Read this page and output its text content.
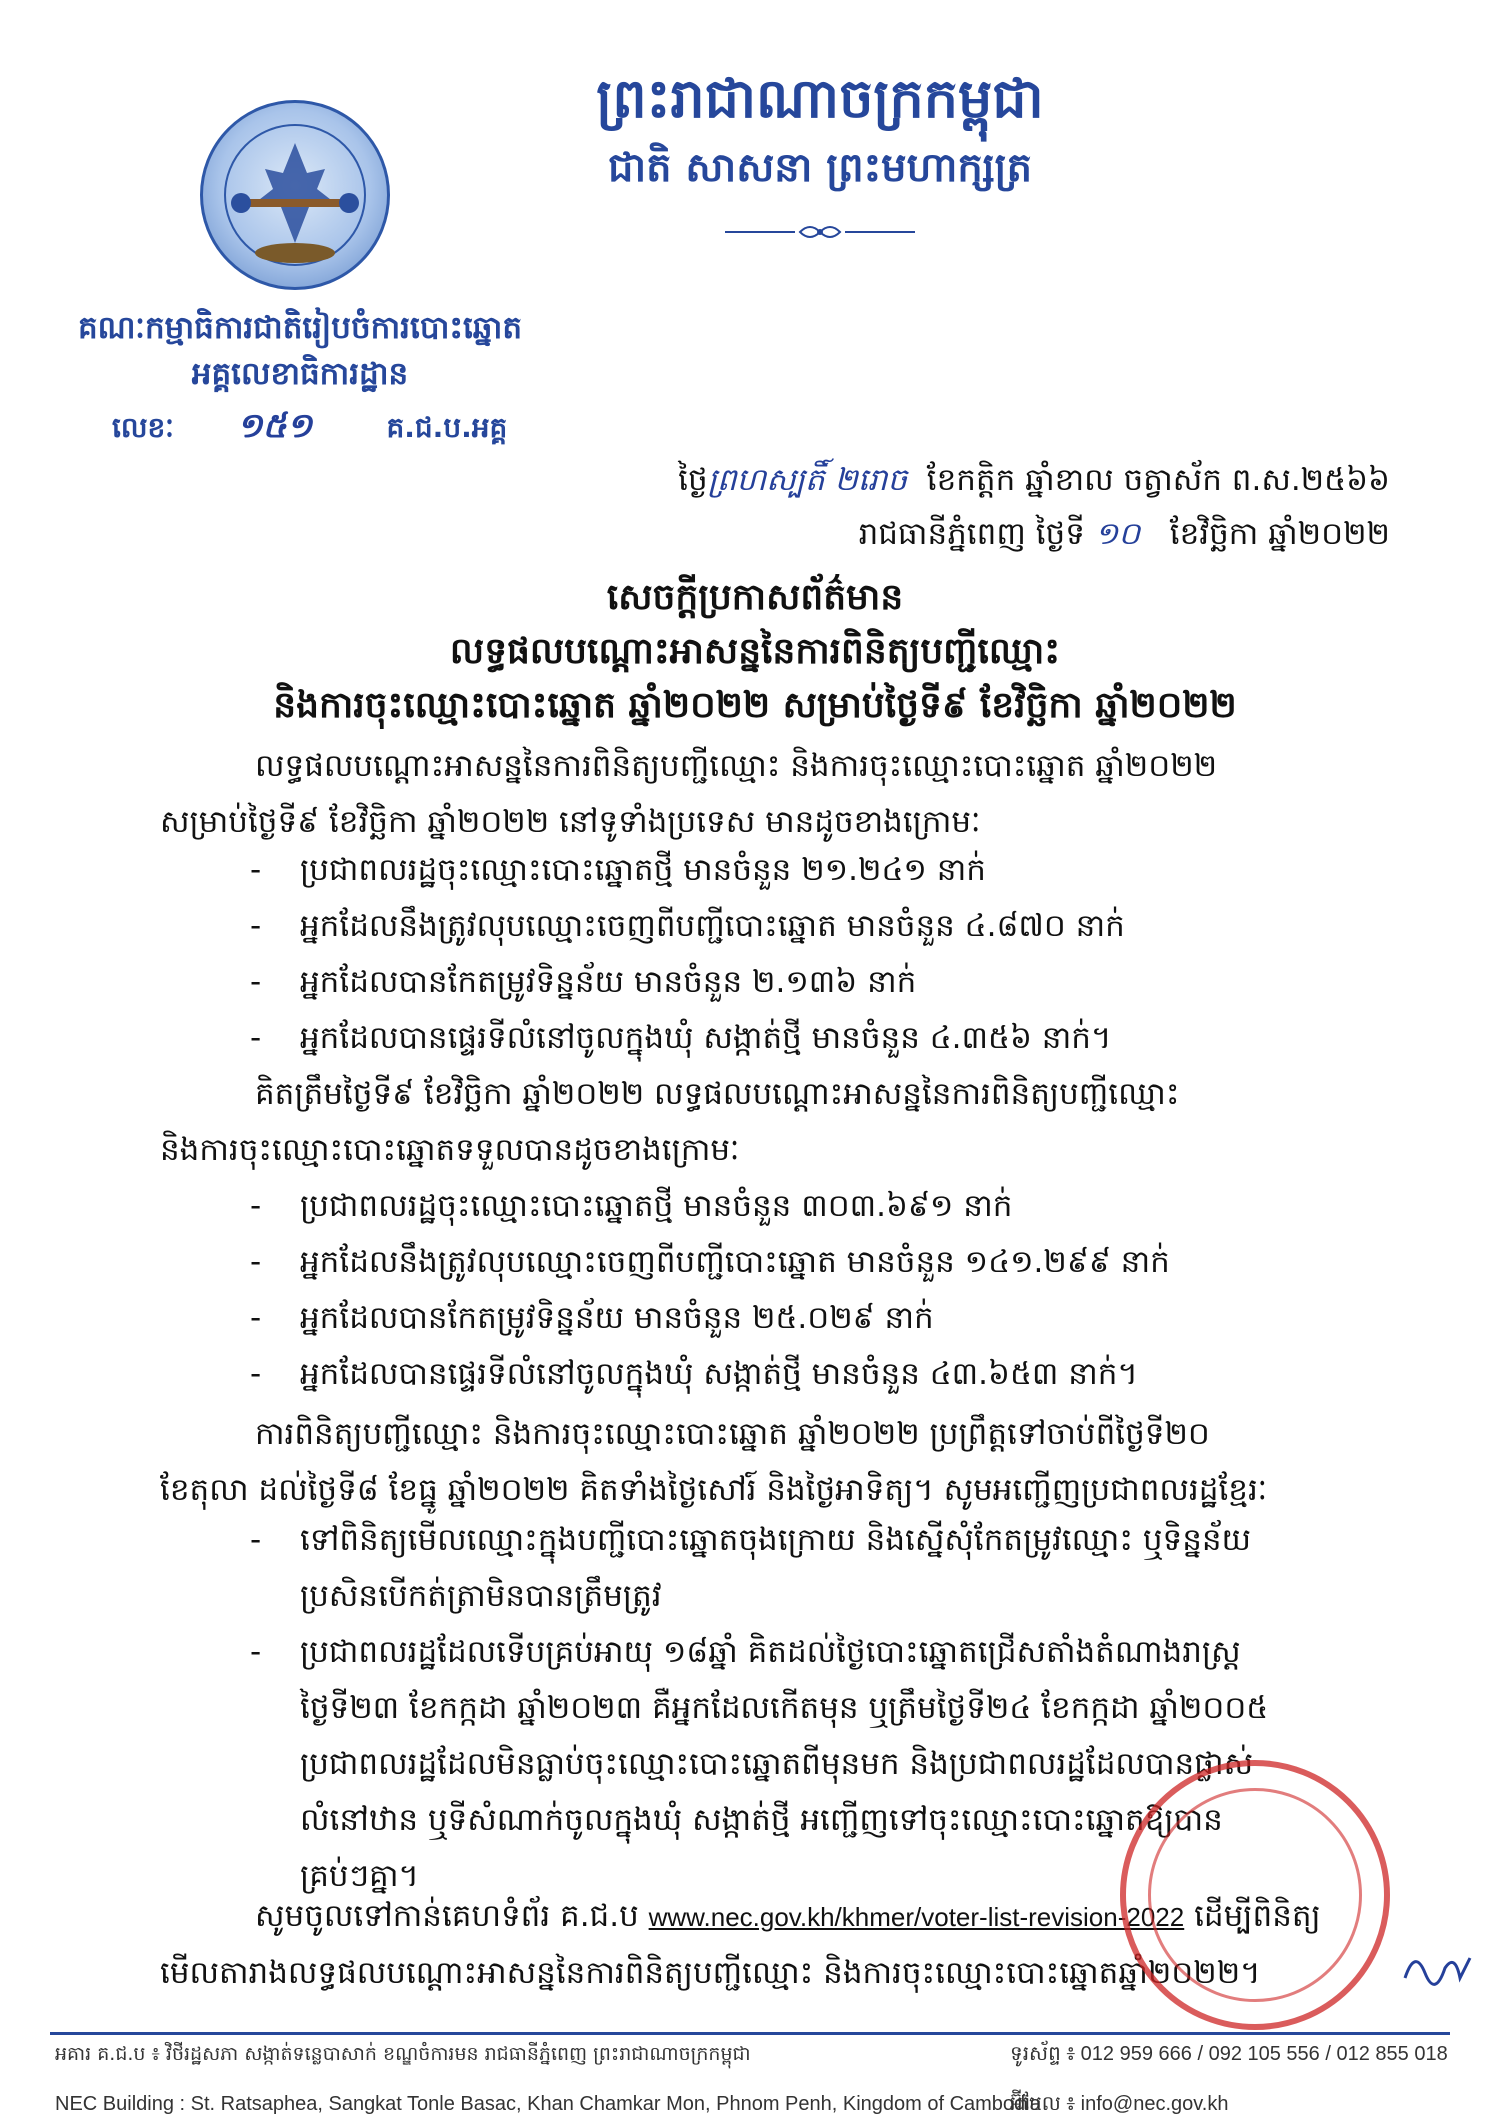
ព្រះរាជាណាចក្រកម្ពុជា
ជាតិ សាសនា ព្រះមហាក្សត្រ
គណៈកម្មាធិការជាតិរៀបចំការបោះឆ្នោត
អគ្គលេខាធិការដ្ឋាន
លេខៈ ១៥១	គ.ជ.ប.អគ្គ
ថ្ងៃព្រហស្បតិ៍ ២រោច ខែកត្ដិក ឆ្នាំខាល ចត្វាស័ក ព.ស.២៥៦៦
រាជធានីភ្នំពេញ ថ្ងៃទី ១០ ខែវិច្ឆិកា ឆ្នាំ២០២២
សេចក្តីប្រកាសព័ត៌មាន
លទ្ធផលបណ្តោះអាសន្ននៃការពិនិត្យបញ្ជីឈ្មោះ
និងការចុះឈ្មោះបោះឆ្នោត ឆ្នាំ២០២២ សម្រាប់ថ្ងៃទី៩ ខែវិច្ឆិកា ឆ្នាំ២០២២
លទ្ធផលបណ្តោះអាសន្ននៃការពិនិត្យបញ្ជីឈ្មោះ និងការចុះឈ្មោះបោះឆ្នោត ឆ្នាំ២០២២
សម្រាប់ថ្ងៃទី៩ ខែវិច្ឆិកា ឆ្នាំ២០២២ នៅទូទាំងប្រទេស មានដូចខាងក្រោមៈ
- ប្រជាពលរដ្ឋចុះឈ្មោះបោះឆ្នោតថ្មី មានចំនួន ២១.២៤១ នាក់
- អ្នកដែលនឹងត្រូវលុបឈ្មោះចេញពីបញ្ជីបោះឆ្នោត មានចំនួន ៤.៨៧០ នាក់
- អ្នកដែលបានកែតម្រូវទិន្នន័យ មានចំនួន ២.១៣៦ នាក់
- អ្នកដែលបានផ្ទេរទីលំនៅចូលក្នុងឃុំ សង្កាត់ថ្មី មានចំនួន ៤.៣៥៦ នាក់។
គិតត្រឹមថ្ងៃទី៩ ខែវិច្ឆិកា ឆ្នាំ២០២២ លទ្ធផលបណ្តោះអាសន្ននៃការពិនិត្យបញ្ជីឈ្មោះ
និងការចុះឈ្មោះបោះឆ្នោតទទួលបានដូចខាងក្រោមៈ
- ប្រជាពលរដ្ឋចុះឈ្មោះបោះឆ្នោតថ្មី មានចំនួន ៣០៣.៦៩១ នាក់
- អ្នកដែលនឹងត្រូវលុបឈ្មោះចេញពីបញ្ជីបោះឆ្នោត មានចំនួន ១៤១.២៩៩ នាក់
- អ្នកដែលបានកែតម្រូវទិន្នន័យ មានចំនួន ២៥.០២៩ នាក់
- អ្នកដែលបានផ្ទេរទីលំនៅចូលក្នុងឃុំ សង្កាត់ថ្មី មានចំនួន ៤៣.៦៥៣ នាក់។
ការពិនិត្យបញ្ជីឈ្មោះ និងការចុះឈ្មោះបោះឆ្នោត ឆ្នាំ២០២២ ប្រព្រឹត្តទៅចាប់ពីថ្ងៃទី២០
ខែតុលា ដល់ថ្ងៃទី៨ ខែធ្នូ ឆ្នាំ២០២២ គិតទាំងថ្ងៃសៅរ៍ និងថ្ងៃអាទិត្យ។ សូមអញ្ជើញប្រជាពលរដ្ឋខ្មែរៈ
- ទៅពិនិត្យមើលឈ្មោះក្នុងបញ្ជីបោះឆ្នោតចុងក្រោយ និងស្នើសុំកែតម្រូវឈ្មោះ ឬទិន្នន័យ
ប្រសិនបើកត់ត្រាមិនបានត្រឹមត្រូវ
- ប្រជាពលរដ្ឋដែលទើបគ្រប់អាយុ ១៨ឆ្នាំ គិតដល់ថ្ងៃបោះឆ្នោតជ្រើសតាំងតំណាងរាស្ត្រ
ថ្ងៃទី២៣ ខែកក្កដា ឆ្នាំ២០២៣ គឺអ្នកដែលកើតមុន ឬត្រឹមថ្ងៃទី២៤ ខែកក្កដា ឆ្នាំ២០០៥
ប្រជាពលរដ្ឋដែលមិនធ្លាប់ចុះឈ្មោះបោះឆ្នោតពីមុនមក និងប្រជាពលរដ្ឋដែលបានផ្លាស់
លំនៅឋាន ឬទីសំណាក់ចូលក្នុងឃុំ សង្កាត់ថ្មី អញ្ជើញទៅចុះឈ្មោះបោះឆ្នោតឱ្យបាន
គ្រប់ៗគ្នា។
សូមចូលទៅកាន់គេហទំព័រ គ.ជ.ប www.nec.gov.kh/khmer/voter-list-revision-2022 ដើម្បីពិនិត្យ
មើលតារាងលទ្ធផលបណ្តោះអាសន្ននៃការពិនិត្យបញ្ជីឈ្មោះ និងការចុះឈ្មោះបោះឆ្នោតឆ្នាំ២០២២។
អគារ គ.ជ.ប ៖ វិថីរដ្ឋសភា សង្កាត់ទន្លេបាសាក់ ខណ្ឌចំការមន រាជធានីភ្នំពេញ ព្រះរាជាណាចក្រកម្ពុជា
NEC Building : St. Ratsaphea, Sangkat Tonle Basac, Khan Chamkar Mon, Phnom Penh, Kingdom of Cambodia
ទូរស័ព្ទ ៖ 012 959 666 / 092 105 556 / 012 855 018
អ៊ីមែល ៖ info@nec.gov.kh
